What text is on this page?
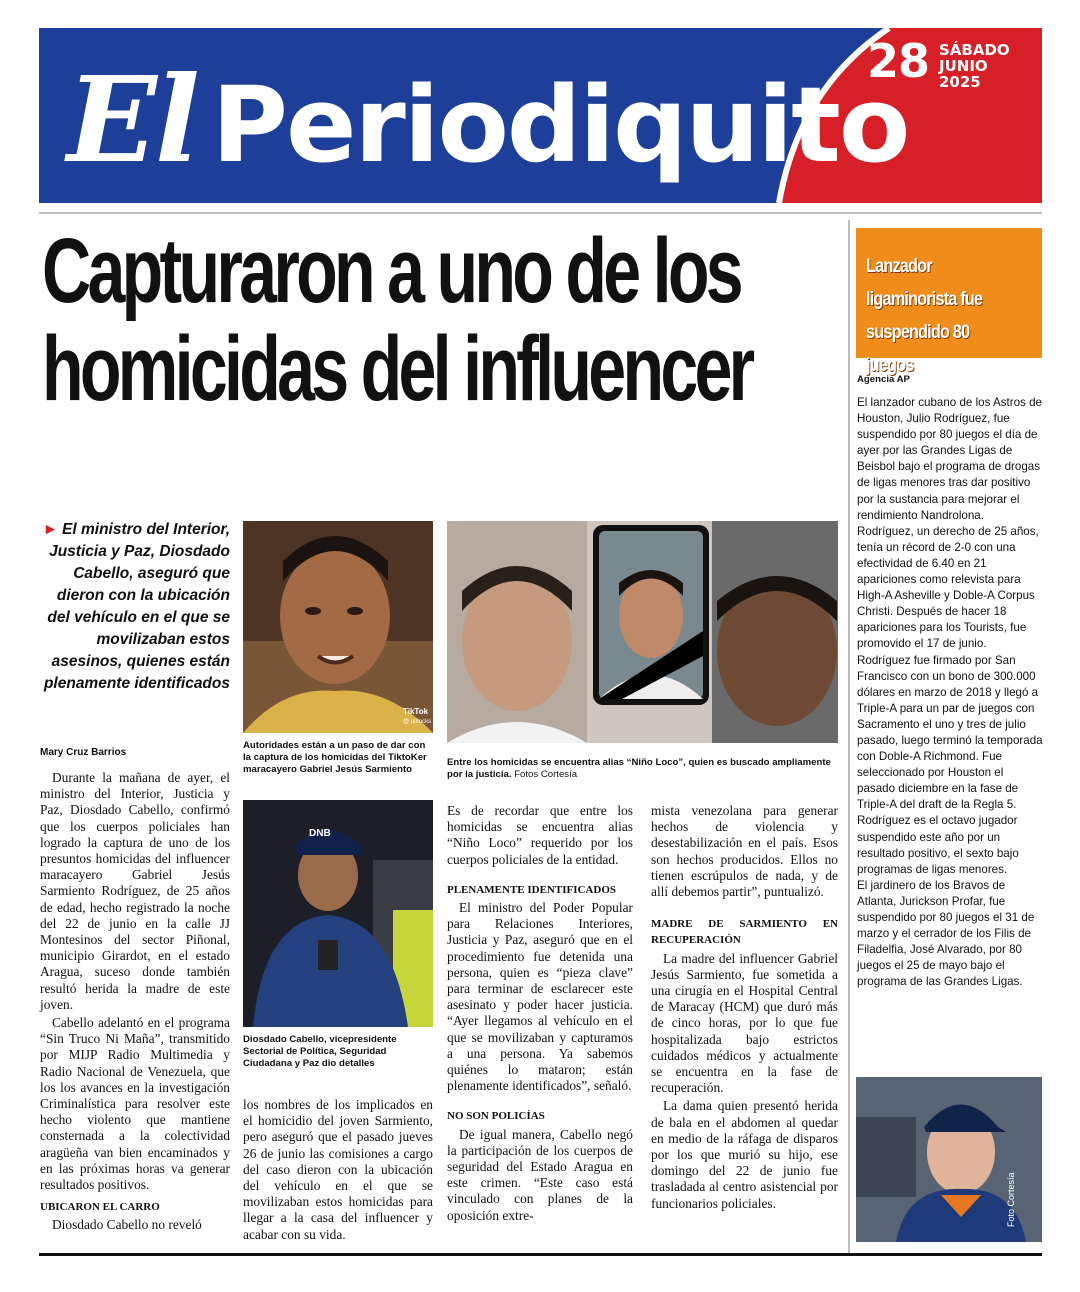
El Periodiquito
28 SÁBADO
JUNIO
2025
Capturaron a uno de los
homicidas del influencer
► El ministro del Interior, Justicia y Paz, Diosdado Cabello, aseguró que dieron con la ubicación del vehículo en el que se movilizaban estos asesinos, quienes están plenamente identificados
TikTok
@ unlocks
Autoridades están a un paso de dar con la captura de los homicidas del TiktoKer maracayero Gabriel Jesús Sarmiento
Entre los homicidas se encuentra alias “Niño Loco”, quien es buscado ampliamente por la justicia. Fotos Cortesía
DNB
Diosdado Cabello, vicepresidente Sectorial de Política, Seguridad Ciudadana y Paz dio detalles
Mary Cruz Barrios

Durante la mañana de ayer, el ministro del Interior, Justicia y Paz, Diosdado Cabello, confirmó que los cuerpos policiales han logrado la captura de uno de los presuntos homicidas del influencer maracayero Gabriel Jesús Sarmiento Rodríguez, de 25 años de edad, hecho registrado la noche del 22 de junio en la calle JJ Montesinos del sector Piñonal, municipio Girardot, en el estado Aragua, suceso donde también resultó herida la madre de este joven.

Cabello adelantó en el programa “Sin Truco Ni Maña”, transmitido por MIJP Radio Multimedia y Radio Nacional de Venezuela, que los los avances en la investigación Criminalística para resolver este hecho violento que mantiene consternada a la colectividad aragüeña van bien encaminados y en las próximas horas va generar resultados positivos.

UBICARON EL CARRO

Diosdado Cabello no reveló

los nombres de los implicados en el homicidio del joven Sarmiento, pero aseguró que el pasado jueves 26 de junio las comisiones a cargo del caso dieron con la ubicación del vehículo en el que se movilizaban estos homicidas para llegar a la casa del influencer y acabar con su vida.

Es de recordar que entre los homicidas se encuentra alias “Niño Loco” requerido por los cuerpos policiales de la entidad.

PLENAMENTE IDENTIFICADOS

El ministro del Poder Popular para Relaciones Interiores, Justicia y Paz, aseguró que en el procedimiento fue detenida una persona, quien es “pieza clave” para terminar de esclarecer este asesinato y poder hacer justicia. “Ayer llegamos al vehículo en el que se movilizaban y capturamos a una persona. Ya sabemos quiénes lo mataron; están plenamente identificados”, señaló.

NO SON POLICÍAS

De igual manera, Cabello negó la participación de los cuerpos de seguridad del Estado Aragua en este crimen. “Este caso está vinculado con planes de la oposición extre-

mista venezolana para generar hechos de violencia y desestabilización en el país. Esos son hechos producidos. Ellos no tienen escrúpulos de nada, y de allí debemos partir”, puntualizó.

MADRE DE SARMIENTO EN RECUPERACIÓN

La madre del influencer Gabriel Jesús Sarmiento, fue sometida a una cirugía en el Hospital Central de Maracay (HCM) que duró más de cinco horas, por lo que fue hospitalizada bajo estrictos cuidados médicos y actualmente se encuentra en la fase de recuperación.

La dama quien presentó herida de bala en el abdomen al quedar en medio de la ráfaga de disparos por los que murió su hijo, ese domingo del 22 de junio fue trasladada al centro asistencial por funcionarios policiales.

Lanzador ligaminorista fue suspendido 80 juegos
Agencia AP

El lanzador cubano de los Astros de Houston, Julio Rodríguez, fue suspendido por 80 juegos el día de ayer por las Grandes Ligas de Beisbol bajo el programa de drogas de ligas menores tras dar positivo por la sustancia para mejorar el rendimiento Nandrolona.

Rodríguez, un derecho de 25 años, tenía un récord de 2-0 con una efectividad de 6.40 en 21 apariciones como relevista para High-A Asheville y Doble-A Corpus Christi. Después de hacer 18 apariciones para los Tourists, fue promovido el 17 de junio.

Rodríguez fue firmado por San Francisco con un bono de 300.000 dólares en marzo de 2018 y llegó a Triple-A para un par de juegos con Sacramento el uno y tres de julio pasado, luego terminó la temporada con Doble-A Richmond. Fue seleccionado por Houston el pasado diciembre en la fase de Triple-A del draft de la Regla 5.

Rodríguez es el octavo jugador suspendido este año por un resultado positivo, el sexto bajo programas de ligas menores.

El jardinero de los Bravos de Atlanta, Jurickson Profar, fue suspendido por 80 juegos el 31 de marzo y el cerrador de los Filis de Filadelfia, José Alvarado, por 80 juegos el 25 de mayo bajo el programa de las Grandes Ligas.

Foto Cortesía
